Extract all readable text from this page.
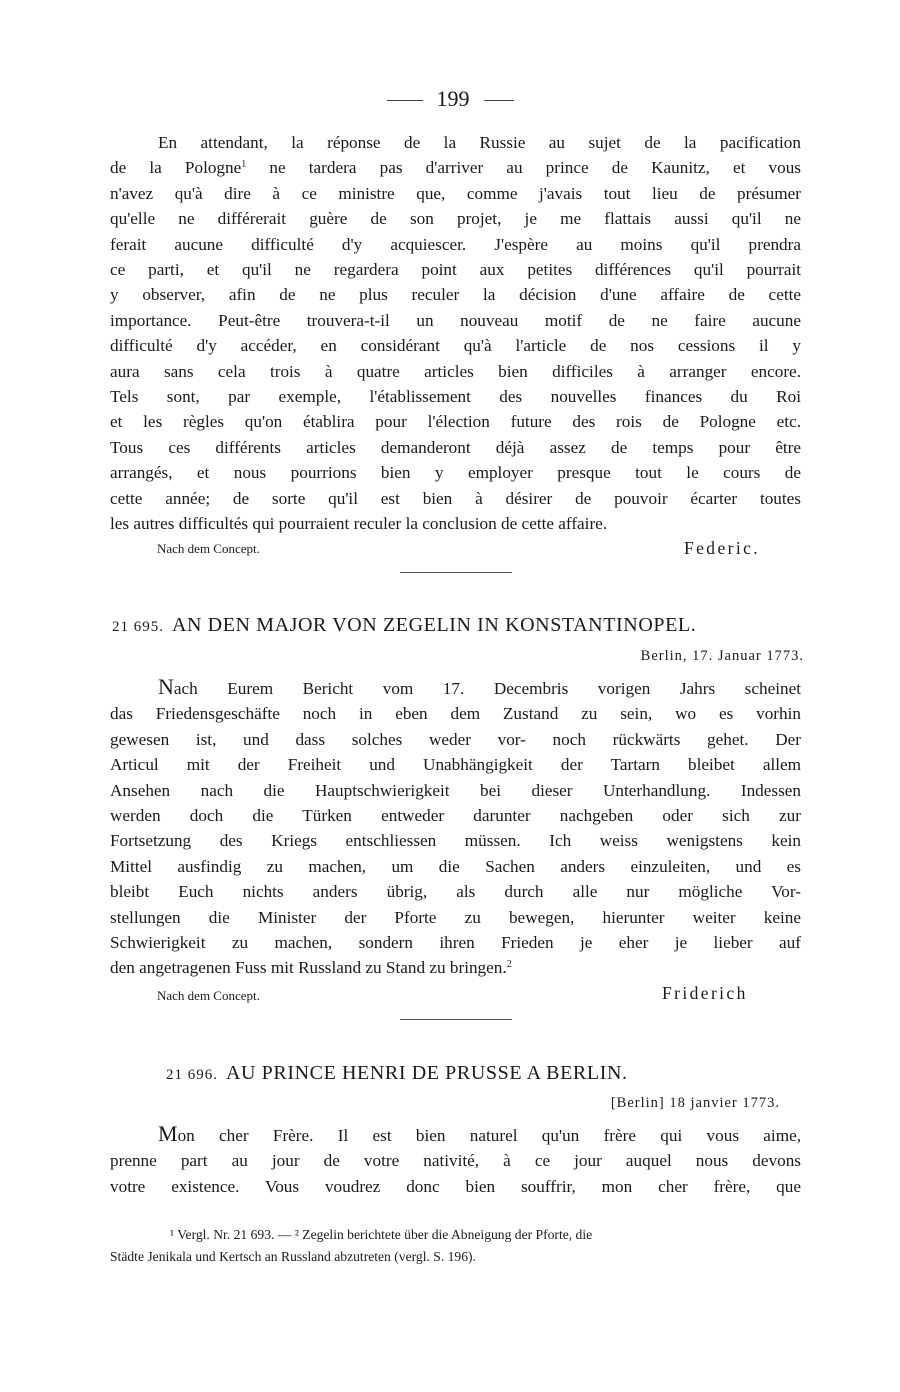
199
En attendant, la réponse de la Russie au sujet de la pacification
de la Pologne$^1$ ne tardera pas d'arriver au prince de Kaunitz, et vous
n'avez qu'à dire à ce ministre que, comme j'avais tout lieu de présumer
qu'elle ne différerait guère de son projet, je me flattais aussi qu'il ne
ferait aucune difficulté d'y acquiescer. J'espère au moins qu'il prendra
ce parti, et qu'il ne regardera point aux petites différences qu'il pourrait
y observer, afin de ne plus reculer la décision d'une affaire de cette
importance. Peut-être trouvera-t-il un nouveau motif de ne faire aucune
difficulté d'y accéder, en considérant qu'à l'article de nos cessions il y
aura sans cela trois à quatre articles bien difficiles à arranger encore.
Tels sont, par exemple, l'établissement des nouvelles finances du Roi
et les règles qu'on établira pour l'élection future des rois de Pologne etc.
Tous ces différents articles demanderont déjà assez de temps pour être
arrangés, et nous pourrions bien y employer presque tout le cours de
cette année; de sorte qu'il est bien à désirer de pouvoir écarter toutes
les autres difficultés qui pourraient reculer la conclusion de cette affaire.
Nach dem Concept.	Federic.
21 695. AN DEN MAJOR VON ZEGELIN IN KONSTANTINOPEL.
Berlin, 17. Januar 1773.
Nach Eurem Bericht vom 17. Decembris vorigen Jahrs scheinet
das Friedensgeschäfte noch in eben dem Zustand zu sein, wo es vorhin
gewesen ist, und dass solches weder vor- noch rückwärts gehet. Der
Articul mit der Freiheit und Unabhängigkeit der Tartarn bleibet allem
Ansehen nach die Hauptschwierigkeit bei dieser Unterhandlung. Indessen
werden doch die Türken entweder darunter nachgeben oder sich zur
Fortsetzung des Kriegs entschliessen müssen. Ich weiss wenigstens kein
Mittel ausfindig zu machen, um die Sachen anders einzuleiten, und es
bleibt Euch nichts anders übrig, als durch alle nur mögliche Vor-
stellungen die Minister der Pforte zu bewegen, hierunter weiter keine
Schwierigkeit zu machen, sondern ihren Frieden je eher je lieber auf
den angetragenen Fuss mit Russland zu Stand zu bringen.$^2$
Nach dem Concept.	Friderich
21 696. AU PRINCE HENRI DE PRUSSE A BERLIN.
[Berlin] 18 janvier 1773.
Mon cher Frère. Il est bien naturel qu'un frère qui vous aime,
prenne part au jour de votre nativité, à ce jour auquel nous devons
votre existence. Vous voudrez donc bien souffrir, mon cher frère, que
¹ Vergl. Nr. 21 693. — ² Zegelin berichtete über die Abneigung der Pforte, die
Städte Jenikala und Kertsch an Russland abzutreten (vergl. S. 196).
